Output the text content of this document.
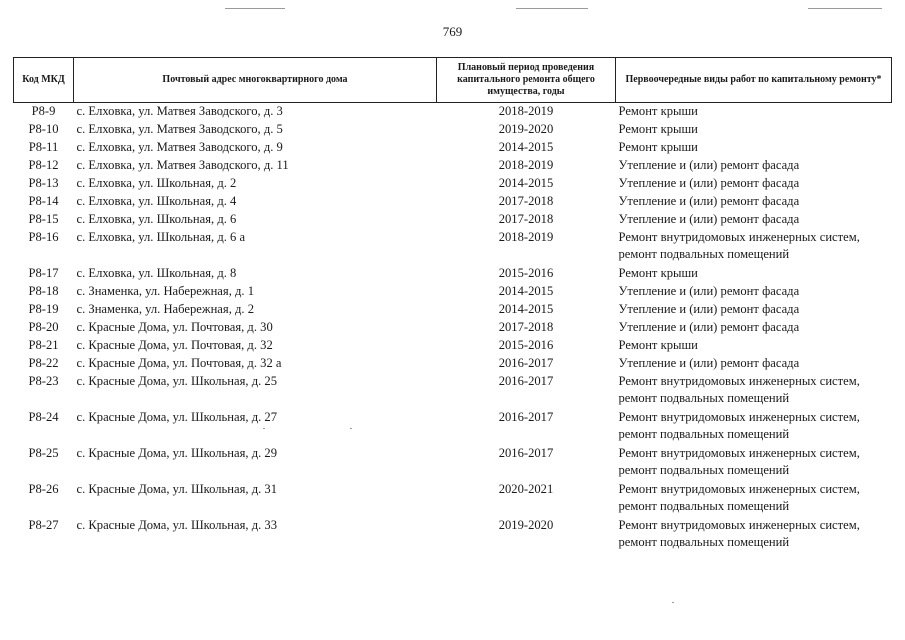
769
Код МКД	Почтовый адрес многоквартирного дома	Плановый период проведения капитального ремонта общего имущества, годы	Первоочередные виды работ по капитальному ремонту*
Р8-9	с. Елховка, ул. Матвея Заводского, д. 3	2018-2019	Ремонт крыши
Р8-10	с. Елховка, ул. Матвея Заводского, д. 5	2019-2020	Ремонт крыши
Р8-11	с. Елховка, ул. Матвея Заводского, д. 9	2014-2015	Ремонт крыши
Р8-12	с. Елховка, ул. Матвея Заводского, д. 11	2018-2019	Утепление и (или) ремонт фасада
Р8-13	с. Елховка, ул. Школьная, д. 2	2014-2015	Утепление и (или) ремонт фасада
Р8-14	с. Елховка, ул. Школьная, д. 4	2017-2018	Утепление и (или) ремонт фасада
Р8-15	с. Елховка, ул. Школьная, д. 6	2017-2018	Утепление и (или) ремонт фасада
Р8-16	с. Елховка, ул. Школьная, д. 6 а	2018-2019	Ремонт внутридомовых инженерных систем, ремонт подвальных помещений
Р8-17	с. Елховка, ул. Школьная, д. 8	2015-2016	Ремонт крыши
Р8-18	с. Знаменка, ул. Набережная, д. 1	2014-2015	Утепление и (или) ремонт фасада
Р8-19	с. Знаменка, ул. Набережная, д. 2	2014-2015	Утепление и (или) ремонт фасада
Р8-20	с. Красные Дома, ул. Почтовая, д. 30	2017-2018	Утепление и (или) ремонт фасада
Р8-21	с. Красные Дома, ул. Почтовая, д. 32	2015-2016	Ремонт крыши
Р8-22	с. Красные Дома, ул. Почтовая, д. 32 а	2016-2017	Утепление и (или) ремонт фасада
Р8-23	с. Красные Дома, ул. Школьная, д. 25	2016-2017	Ремонт внутридомовых инженерных систем, ремонт подвальных помещений
Р8-24	с. Красные Дома, ул. Школьная, д. 27	2016-2017	Ремонт внутридомовых инженерных систем, ремонт подвальных помещений
Р8-25	с. Красные Дома, ул. Школьная, д. 29	2016-2017	Ремонт внутридомовых инженерных систем, ремонт подвальных помещений
Р8-26	с. Красные Дома, ул. Школьная, д. 31	2020-2021	Ремонт внутридомовых инженерных систем, ремонт подвальных помещений
Р8-27	с. Красные Дома, ул. Школьная, д. 33	2019-2020	Ремонт внутридомовых инженерных систем, ремонт подвальных помещений
